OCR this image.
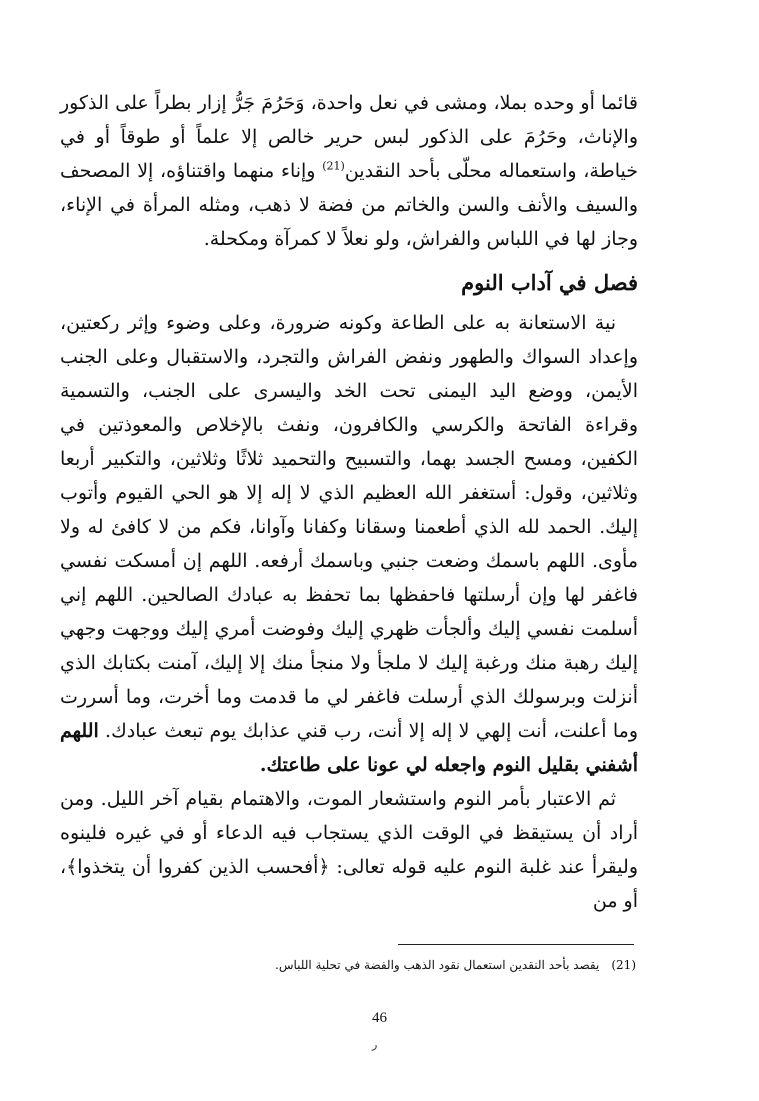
قائما أو وحده بملا، ومشى في نعل واحدة، وَحَرُمَ جَرُّ إزار بطراً على الذكور والإناث، وحَرُمَ على الذكور لبس حرير خالص إلا علماً أو طوقاً أو في خياطة، واستعماله محلّى بأحد النقدين$^{(21)}$ وإناء منهما واقتناؤه، إلا المصحف والسيف والأنف والسن والخاتم من فضة لا ذهب، ومثله المرأة في الإناء، وجاز لها في اللباس والفراش، ولو نعلاً لا كمرآة ومكحلة.
فصل في آداب النوم
نية الاستعانة به على الطاعة وكونه ضرورة، وعلى وضوء وإثر ركعتين، وإعداد السواك والطهور ونفض الفراش والتجرد، والاستقبال وعلى الجنب الأيمن، ووضع اليد اليمنى تحت الخد واليسرى على الجنب، والتسمية وقراءة الفاتحة والكرسي والكافرون، ونفث بالإخلاص والمعوذتين في الكفين، ومسح الجسد بهما، والتسبيح والتحميد ثلاثًا وثلاثين، والتكبير أربعا وثلاثين، وقول: أستغفر الله العظيم الذي لا إله إلا هو الحي القيوم وأتوب إليك. الحمد لله الذي أطعمنا وسقانا وكفانا وآوانا، فكم من لا كافئ له ولا مأوى. اللهم باسمك وضعت جنبي وباسمك أرفعه. اللهم إن أمسكت نفسي فاغفر لها وإن أرسلتها فاحفظها بما تحفظ به عبادك الصالحين. اللهم إني أسلمت نفسي إليك وألجأت ظهري إليك وفوضت أمري إليك ووجهت وجهي إليك رهبة منك ورغبة إليك لا ملجأ ولا منجأ منك إلا إليك، آمنت بكتابك الذي أنزلت وبرسولك الذي أرسلت فاغفر لي ما قدمت وما أخرت، وما أسررت وما أعلنت، أنت إلهي لا إله إلا أنت، رب قني عذابك يوم تبعث عبادك. اللهم أشفني بقليل النوم واجعله لي عونا على طاعتك.
ثم الاعتبار بأمر النوم واستشعار الموت، والاهتمام بقيام آخر الليل. ومن أراد أن يستيقظ في الوقت الذي يستجاب فيه الدعاء أو في غيره فلينوه وليقرأ عند غلبة النوم عليه قوله تعالى: ﴿أفحسب الذين كفروا أن يتخذوا﴾، أو من
(21)يقصد بأحد النقدين استعمال نقود الذهب والفضة في تحلية اللباس.
46
ر
